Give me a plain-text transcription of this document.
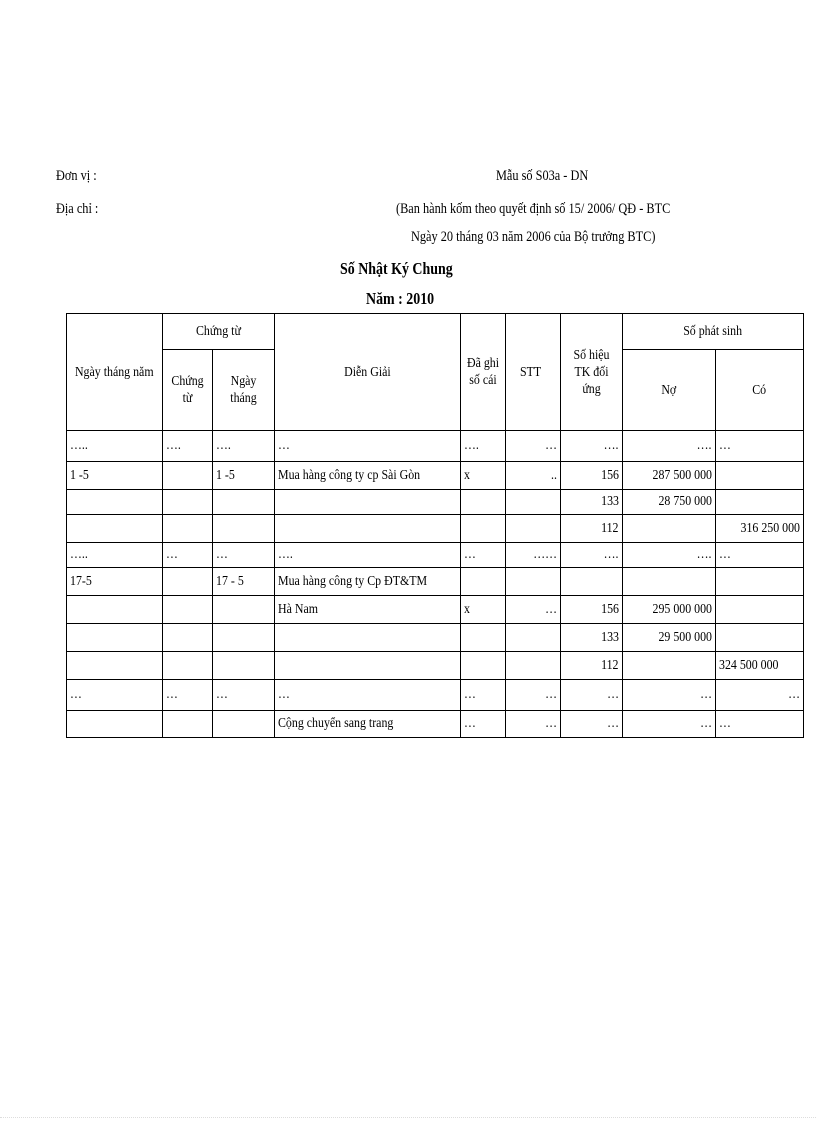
Đơn vị :
Địa chỉ :
Mẫu số S03a - DN
(Ban hành kốm theo quyết định số 15/ 2006/ QĐ - BTC
Ngày 20 tháng 03 năm 2006 của Bộ trưởng BTC)
Số Nhật Ký Chung
Năm : 2010
Ngày tháng năm	Chứng từ		Diễn Giải	Đã ghi số cái	STT	Số hiệu TK đối ứng	Số phát sinh	
	Chứng từ	Ngày tháng					Nợ	Có
…..	….	….	…	….	…	….	….	…
1 -5		1 -5	Mua hàng công ty cp Sài Gòn	x	..	156	287 500 000	
						133	28 750 000	
						112		316 250 000
…..	…	…	….	…	……	….	….	…
17-5		17 - 5	Mua hàng công ty Cp ĐT&TM					
			Hà Nam	x	…	156	295 000 000	
						133	29 500 000	
						112		324 500 000
…	…	…	…	…	…	…	…	…
			Cộng chuyển sang trang	…	…	…	…	…
